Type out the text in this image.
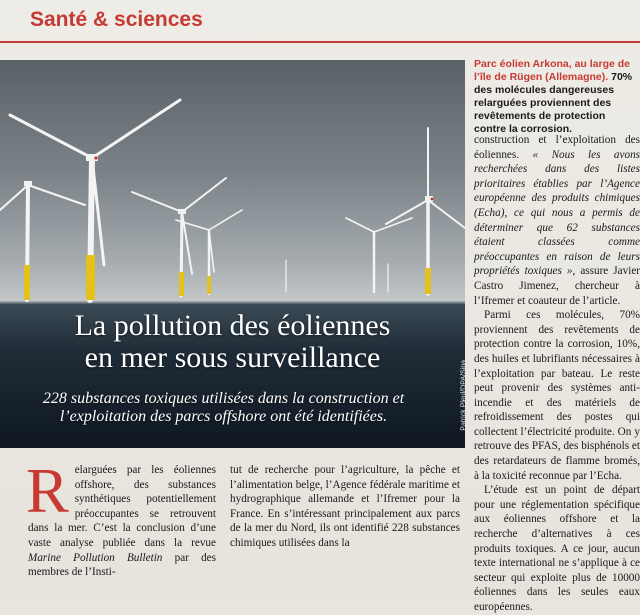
Santé & sciences
La pollution des éoliennes
en mer sous surveillance
228 substances toxiques utilisées dans la construction et l’exploitation des parcs offshore ont été identifiées.	Patrick Pleul/DPA/Sipa
Parc éolien Arkona, au large de l’île de Rügen (Allemagne). 70% des molécules dangereuses relarguées proviennent des revêtements de protection contre la corrosion.

construction et l’exploitation des éoliennes. « Nous les avons recherchées dans des listes prioritaires établies par l’Agence européenne des produits chimiques (Echa), ce qui nous a permis de déterminer que 62 substances étaient classées comme préoccupantes en raison de leurs propriétés toxiques », assure Javier Castro Jimenez, chercheur à l’Ifremer et coauteur de l’article.

Parmi ces molécules, 70% proviennent des revêtements de protection contre la corrosion, 10%, des huiles et lubrifiants nécessaires à l’exploitation par bateau. Le reste peut provenir des systèmes anti-incendie et des matériels de refroidissement des postes qui collectent l’électricité produite. On y retrouve des PFAS, des bisphénols et des retardateurs de flamme bromés, à la toxicité reconnue par l’Echa.

L’étude est un point de départ pour une réglementation spécifique aux éoliennes offshore et la recherche d’alternatives à ces produits toxiques. A ce jour, aucun texte international ne s’applique à ce secteur qui exploite plus de 10000 éoliennes dans les seules eaux européennes.

Relarguées par les éoliennes offshore, des substances synthétiques potentiellement préoccupantes se retrouvent dans la mer. C’est la conclusion d’une vaste analyse publiée dans la revue Marine Pollution Bulletin par des membres de l’Insti-
tut de recherche pour l’agriculture, la pêche et l’alimentation belge, l’Agence fédérale maritime et hydrographique allemande et l’Ifremer pour la France. En s’intéressant principalement aux parcs de la mer du Nord, ils ont identifié 228 substances chimiques utilisées dans la
